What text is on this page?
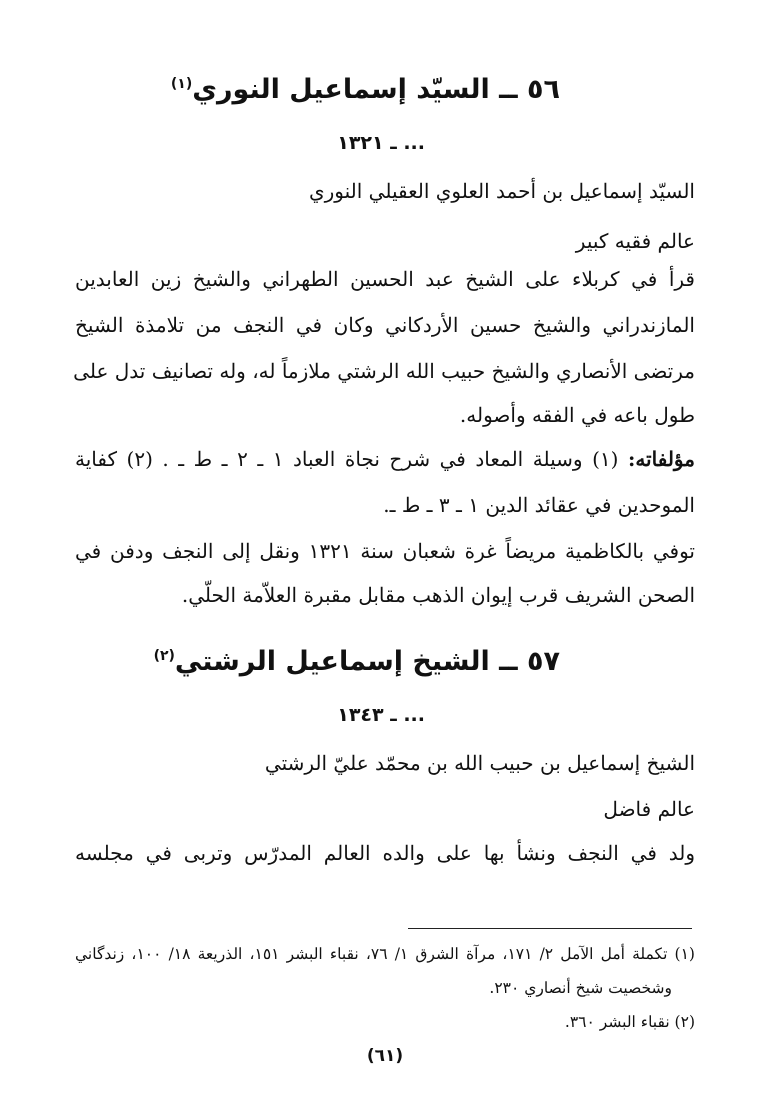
٥٦ ــ السيّد إسماعيل النوري$^{(١)}$
... ـ ١٣٢١
السيّد إسماعيل بن أحمد العلوي العقيلي النوري
عالم فقيه كبير
قرأ في كربلاء على الشيخ عبد الحسين الطهراني والشيخ زين العابدين
المازندراني والشيخ حسين الأردكاني وكان في النجف من تلامذة الشيخ
مرتضى الأنصاري والشيخ حبيب الله الرشتي ملازماً له، وله تصانيف تدل على
طول باعه في الفقه وأصوله.
مؤلفاته: (١) وسيلة المعاد في شرح نجاة العباد ١ ـ ٢ ـ ط ـ . (٢) كفاية
الموحدين في عقائد الدين ١ ـ ٣ ـ ط ـ.
توفي بالكاظمية مريضاً غرة شعبان سنة ١٣٢١ ونقل إلى النجف ودفن في
الصحن الشريف قرب إيوان الذهب مقابل مقبرة العلاّمة الحلّي.
٥٧ ــ الشيخ إسماعيل الرشتي$^{(٢)}$
... ـ ١٣٤٣
الشيخ إسماعيل بن حبيب الله بن محمّد عليّ الرشتي
عالم فاضل
ولد في النجف ونشأ بها على والده العالم المدرّس وتربى في مجلسه
(١) تكملة أمل الآمل ٢/ ١٧١، مرآة الشرق ١/ ٧٦، نقباء البشر ١٥١، الذريعة ١٨/ ١٠٠، زندگاني
وشخصيت شيخ أنصاري ٢٣٠.
(٢) نقباء البشر ٣٦٠.
(٦١)
